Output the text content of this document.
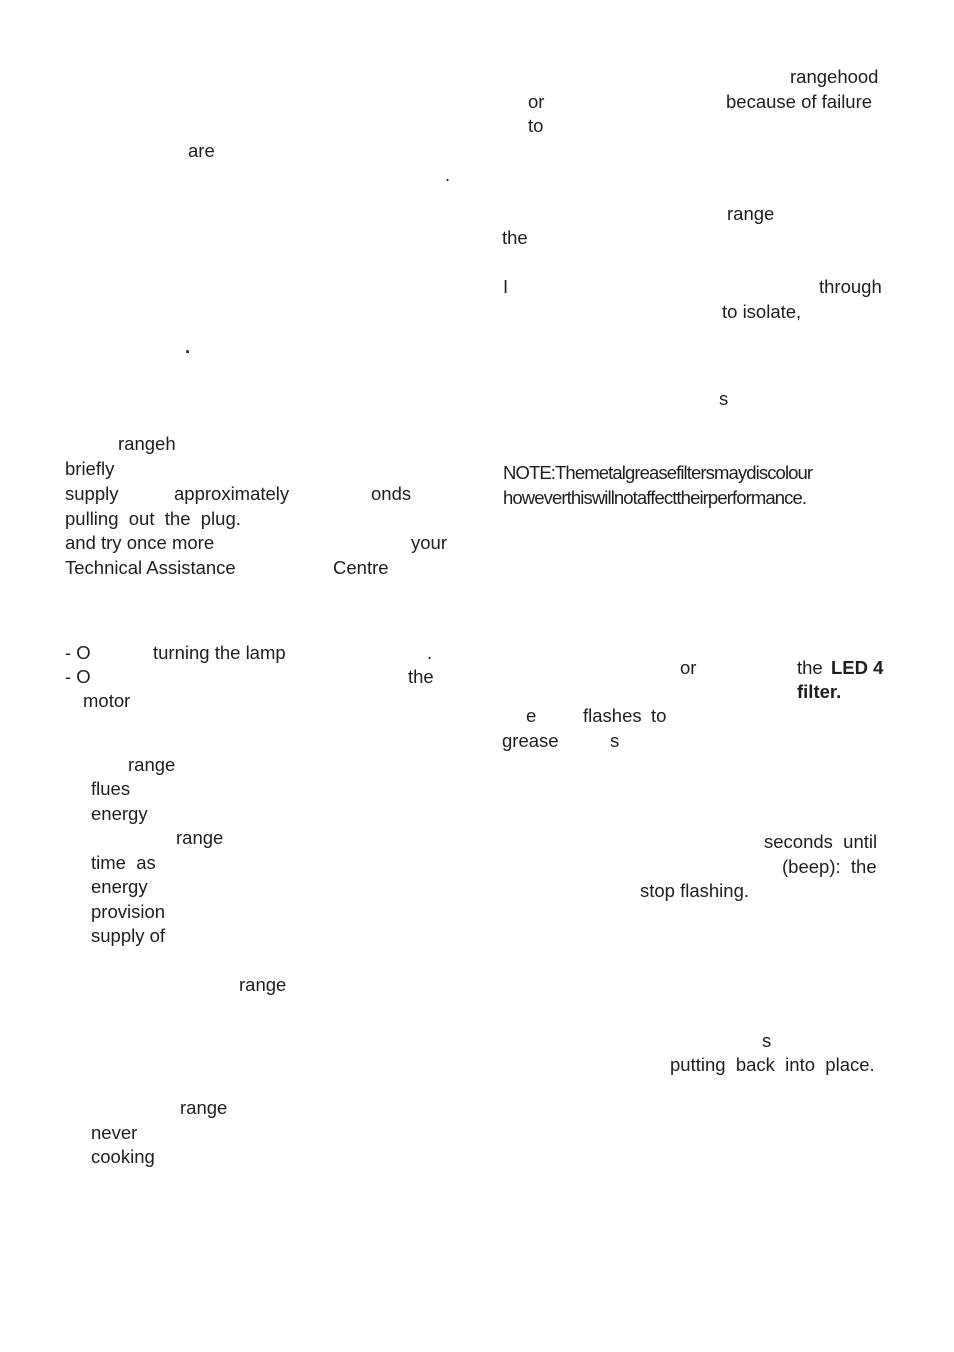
are
.
.
rangeh
briefly
supply	approximately	onds
pulling  out  the  plug.
and try once more	your
Technical Assistance	Centre
- O	turning the lamp	.
- O	the
motor
range
flues
energy
range
time  as
energy
provision
supply of
range
range
never
cooking
rangehood
or	because of failure
to
range
the
I	through
to isolate,
s
NOTE:Themetalgreasefiltersmaydiscolour
howeverthiswillnotaffecttheirperformance.
or	the LED 4
filter.
e	flashes to
grease	s
seconds  until
(beep):  the
stop flashing.
s
putting  back  into  place.
